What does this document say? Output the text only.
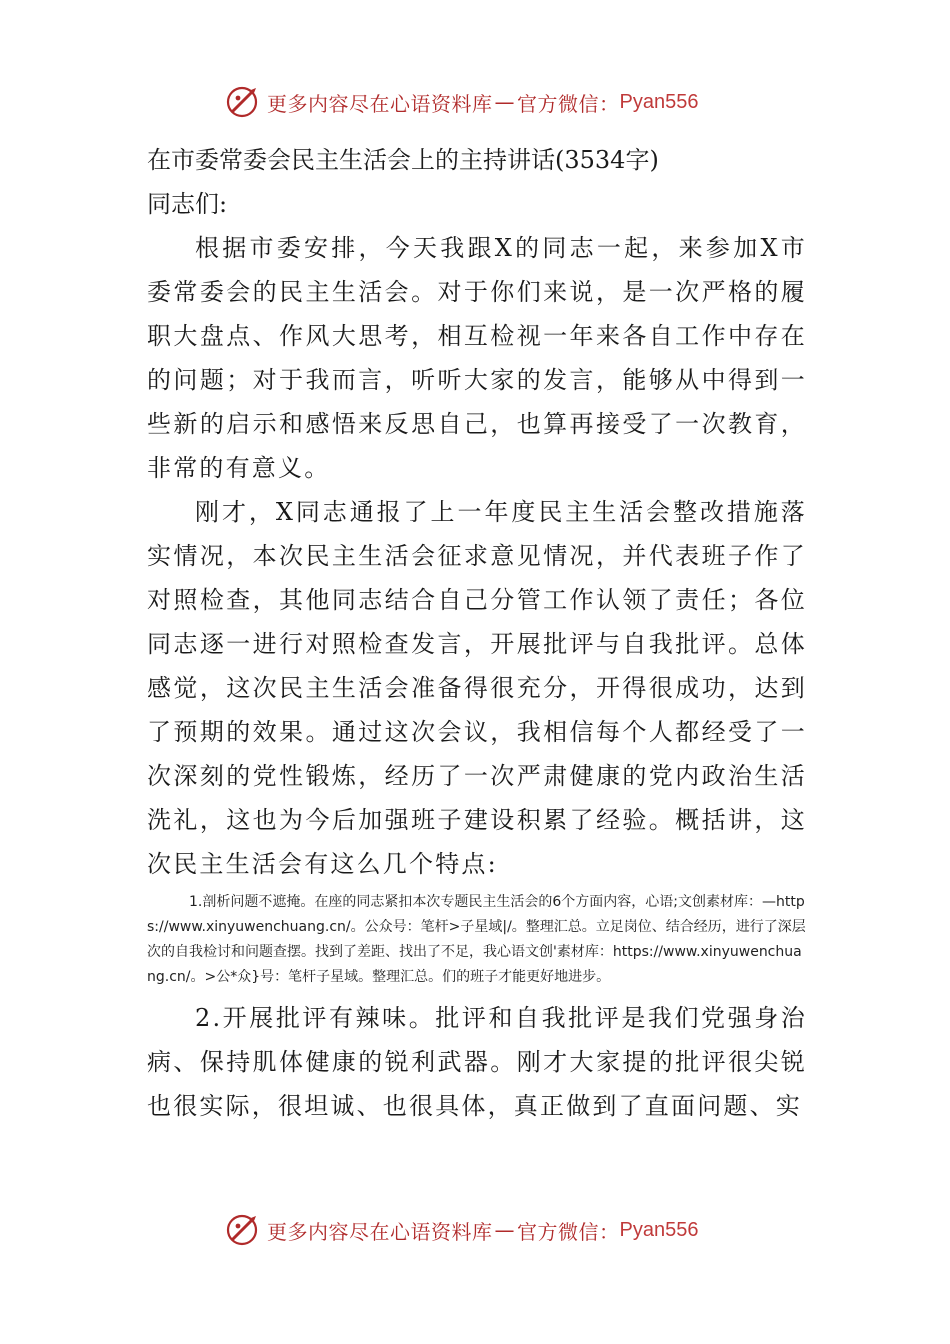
更多内容尽在心语资料库 — 官方微信： Pyan556

在市委常委会民主生活会上的主持讲话(3534字)

同志们:

根据市委安排，今天我跟X的同志一起，来参加X市委常委会的民主生活会。对于你们来说，是一次严格的履职大盘点、作风大思考，相互检视一年来各自工作中存在的问题；对于我而言，听听大家的发言，能够从中得到一些新的启示和感悟来反思自己，也算再接受了一次教育，非常的有意义。

刚才，X同志通报了上一年度民主生活会整改措施落实情况，本次民主生活会征求意见情况，并代表班子作了对照检查，其他同志结合自己分管工作认领了责任；各位同志逐一进行对照检查发言，开展批评与自我批评。总体感觉，这次民主生活会准备得很充分，开得很成功，达到了预期的效果。通过这次会议，我相信每个人都经受了一次深刻的党性锻炼，经历了一次严肃健康的党内政治生活洗礼，这也为今后加强班子建设积累了经验。概括讲，这次民主生活会有这么几个特点:

1.剖析问题不遮掩。在座的同志紧扣本次专题民主生活会的6个方面内容，心语;文创素材库：—https://www.xinyuwenchuang.cn/。公众号：笔杆>子星域|/。整理汇总。立足岗位、结合经历，进行了深层次的自我检讨和问题查摆。找到了差距、找出了不足，我心语文创'素材库：https://www.xinyuwenchuang.cn/。>公*众}号：笔杆子星域。整理汇总。们的班子才能更好地进步。

2.开展批评有辣味。批评和自我批评是我们党强身治病、保持肌体健康的锐利武器。刚才大家提的批评很尖锐也很实际，很坦诚、也很具体，真正做到了直面问题、实

更多内容尽在心语资料库 — 官方微信： Pyan556
